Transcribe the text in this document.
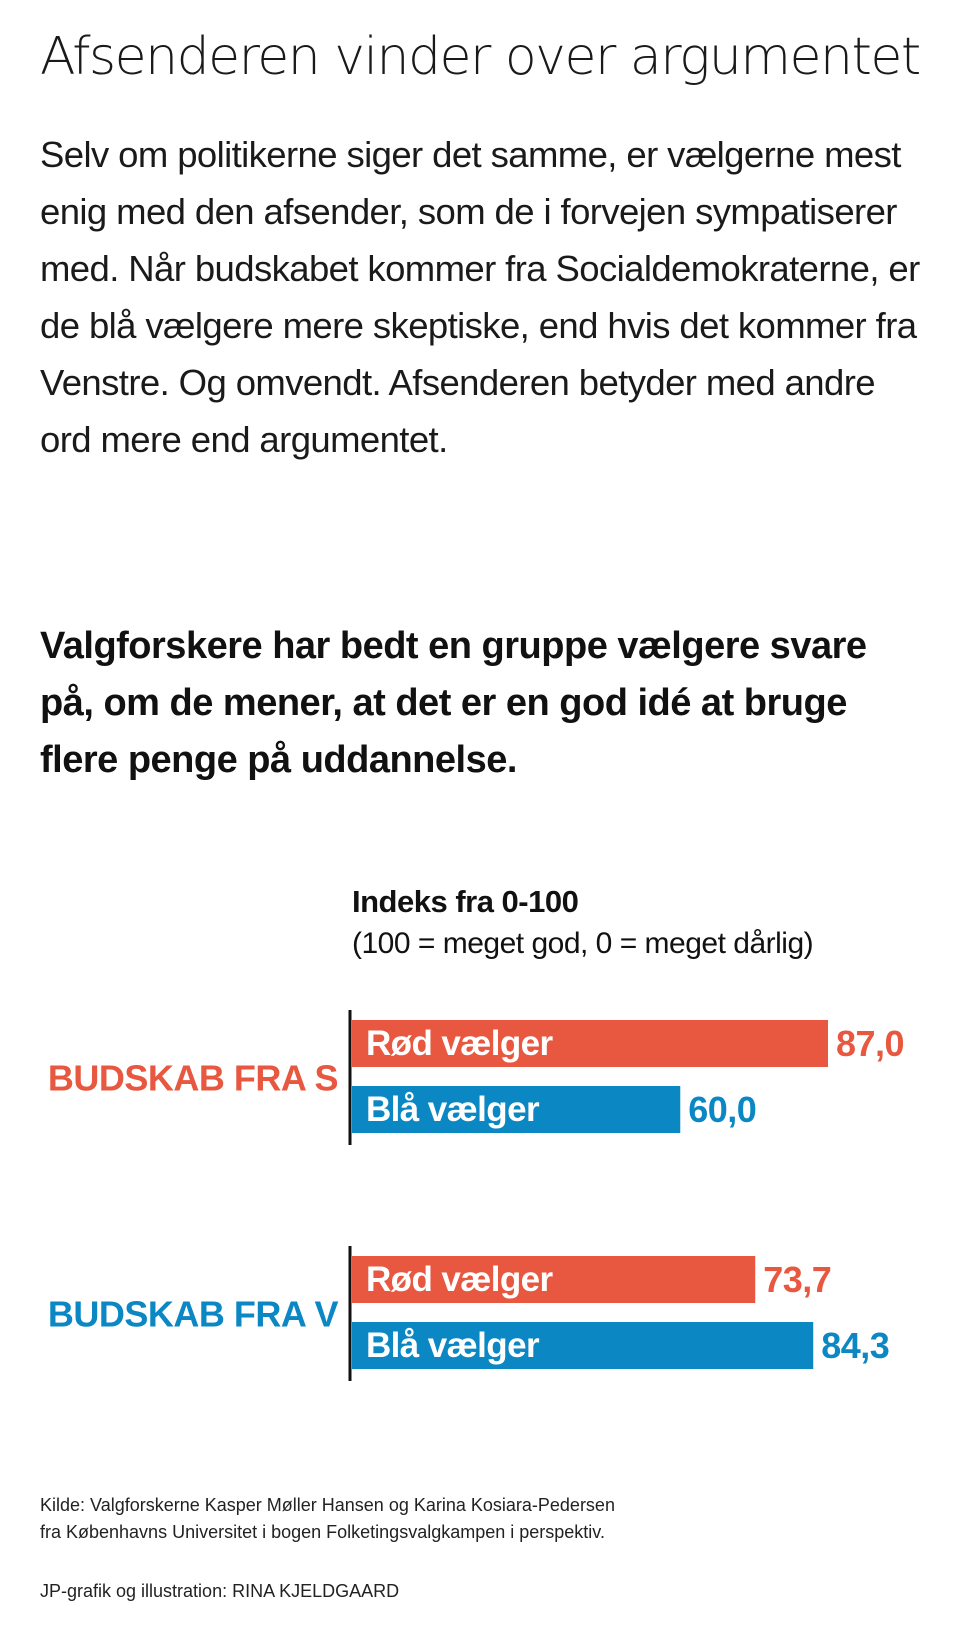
Afsenderen vinder over argumentet
Selv om politikerne siger det samme, er vælgerne mest enig med den afsender, som de i forvejen sympatiserer med. Når budskabet kommer fra Socialdemokraterne, er de blå vælgere mere skeptiske, end hvis det kommer fra Venstre. Og omvendt. Afsenderen betyder med andre ord mere end argumentet.
Valgforskere har bedt en gruppe vælgere svare på, om de mener, at det er en god idé at bruge flere penge på uddannelse.
Indeks fra 0-100
(100 = meget god, 0 = meget dårlig)
BUDSKAB FRA S
Rød vælger	87,0
Blå vælger	60,0
BUDSKAB FRA V
Rød vælger	73,7
Blå vælger	84,3
Kilde: Valgforskerne Kasper Møller Hansen og Karina Kosiara-Pedersen fra Københavns Universitet i bogen Folketingsvalgkampen i perspektiv.
JP-grafik og illustration: RINA KJELDGAARD
